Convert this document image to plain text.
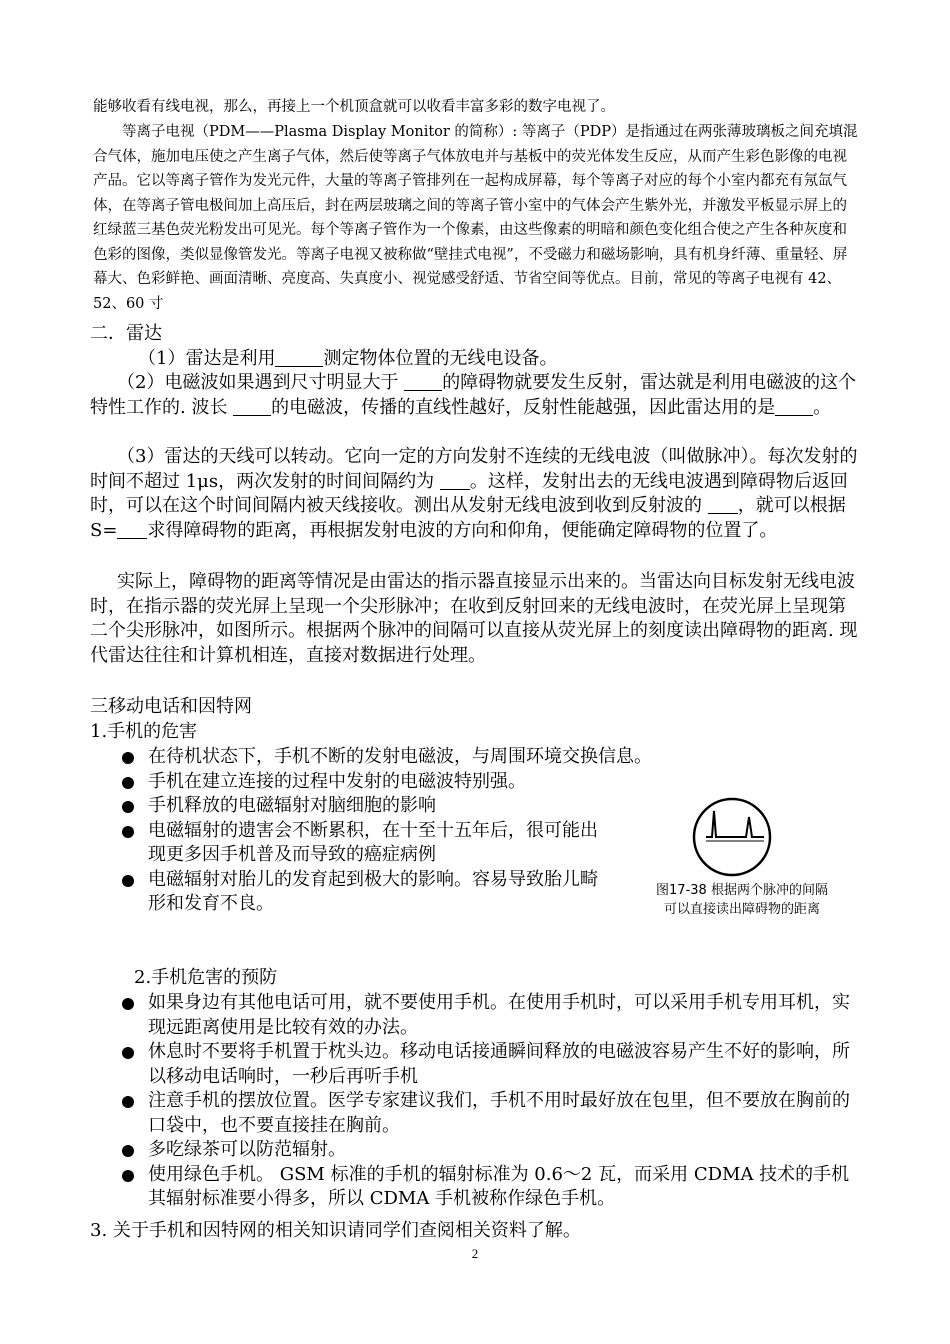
能够收看有线电视，那么，再接上一个机顶盒就可以收看丰富多彩的数字电视了。
等离子电视（PDM——Plasma Display Monitor 的简称）: 等离子（PDP）是指通过在两张薄玻璃板之间充填混合气体，施加电压使之产生离子气体，然后使等离子气体放电并与基板中的荧光体发生反应，从而产生彩色影像的电视产品。它以等离子管作为发光元件，大量的等离子管排列在一起构成屏幕，每个等离子对应的每个小室内都充有氖氙气体，在等离子管电极间加上高压后，封在两层玻璃之间的等离子管小室中的气体会产生紫外光，并激发平板显示屏上的红绿蓝三基色荧光粉发出可见光。每个等离子管作为一个像素，由这些像素的明暗和颜色变化组合使之产生各种灰度和色彩的图像，类似显像管发光。等离子电视又被称做“壁挂式电视”，不受磁力和磁场影响，具有机身纤薄、重量轻、屏幕大、色彩鲜艳、画面清晰、亮度高、失真度小、视觉感受舒适、节省空间等优点。目前，常见的等离子电视有 42、52、60 寸
二．雷达
（1）雷达是利用	测定物体位置的无线电设备。
（2）电磁波如果遇到尺寸明显大于 的障碍物就要发生反射，雷达就是利用电磁波的这个特性工作的. 波长 的电磁波，传播的直线性越好，反射性能越强，因此雷达用的是 。
（3）雷达的天线可以转动。它向一定的方向发射不连续的无线电波（叫做脉冲）。每次发射的时间不超过 1μs，两次发射的时间间隔约为 。这样，发射出去的无线电波遇到障碍物后返回时，可以在这个时间间隔内被天线接收。测出从发射无线电波到收到反射波的 ，就可以根据 S= 求得障碍物的距离，再根据发射电波的方向和仰角，便能确定障碍物的位置了。
实际上，障碍物的距离等情况是由雷达的指示器直接显示出来的。当雷达向目标发射无线电波时，在指示器的荧光屏上呈现一个尖形脉冲；在收到反射回来的无线电波时，在荧光屏上呈现第二个尖形脉冲，如图所示。根据两个脉冲的间隔可以直接从荧光屏上的刻度读出障碍物的距离. 现代雷达往往和计算机相连，直接对数据进行处理。
三移动电话和因特网
1.手机的危害
在待机状态下，手机不断的发射电磁波，与周围环境交换信息。
手机在建立连接的过程中发射的电磁波特别强。
手机释放的电磁辐射对脑细胞的影响
电磁辐射的遗害会不断累积，在十至十五年后，很可能出现更多因手机普及而导致的癌症病例
电磁辐射对胎儿的发育起到极大的影响。容易导致胎儿畸形和发育不良。
图17-38 根据两个脉冲的间隔
可以直接读出障碍物的距离
2.手机危害的预防
如果身边有其他电话可用，就不要使用手机。在使用手机时，可以采用手机专用耳机，实现远距离使用是比较有效的办法。
休息时不要将手机置于枕头边。移动电话接通瞬间释放的电磁波容易产生不好的影响，所以移动电话响时，一秒后再听手机
注意手机的摆放位置。医学专家建议我们，手机不用时最好放在包里，但不要放在胸前的口袋中，也不要直接挂在胸前。
多吃绿茶可以防范辐射。
使用绿色手机。 GSM 标准的手机的辐射标准为 0.6～2 瓦，而采用 CDMA 技术的手机其辐射标准要小得多，所以 CDMA 手机被称作绿色手机。
3. 关于手机和因特网的相关知识请同学们查阅相关资料了解。
2
